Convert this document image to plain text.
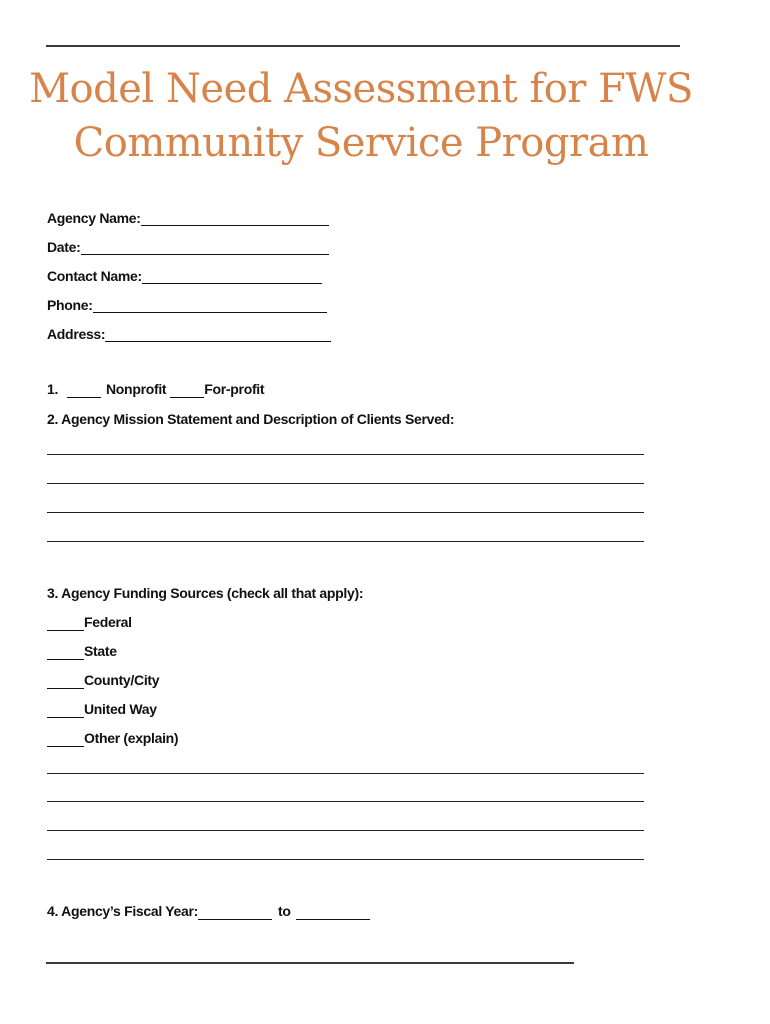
Model Need Assessment for FWS
Community Service Program
Agency Name:
Date:
Contact Name:
Phone:
Address:
1.	Nonprofit	For-profit
2. Agency Mission Statement and Description of Clients Served:
3. Agency Funding Sources (check all that apply):
Federal
State
County/City
United Way
Other (explain)
4. Agency’s Fiscal Year:	to
